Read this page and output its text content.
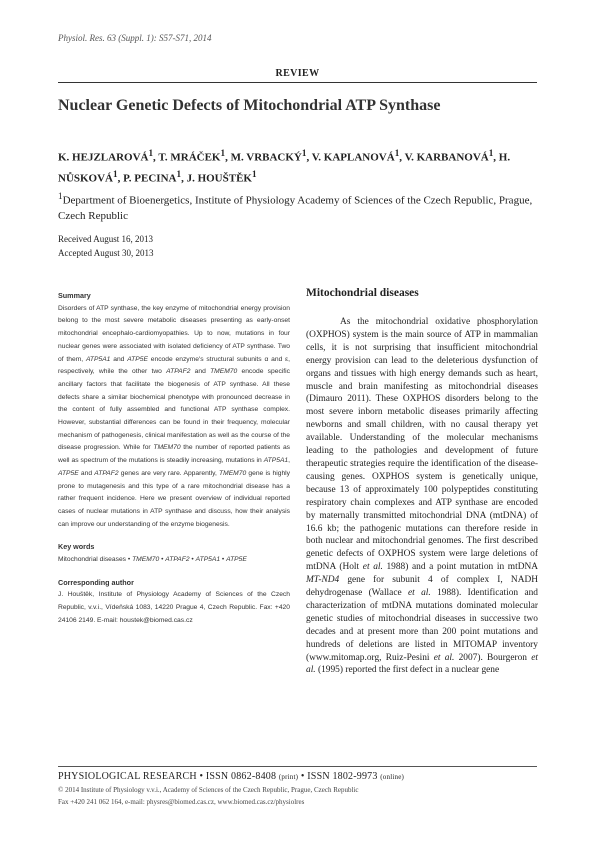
Physiol. Res. 63 (Suppl. 1): S57-S71, 2014
REVIEW
Nuclear Genetic Defects of Mitochondrial ATP Synthase
K. HEJZLAROVÁ$^1$, T. MRÁČEK$^1$, M. VRBACKÝ$^1$, V. KAPLANOVÁ$^1$, V. KARBANOVÁ$^1$, H. NŮSKOVÁ$^1$, P. PECINA$^1$, J. HOUŠTĚK$^1$
$^1$Department of Bioenergetics, Institute of Physiology Academy of Sciences of the Czech Republic, Prague, Czech Republic
Received August 16, 2013
Accepted August 30, 2013
Summary

Disorders of ATP synthase, the key enzyme of mitochondrial energy provision belong to the most severe metabolic diseases presenting as early-onset mitochondrial encephalo-cardiomyopathies. Up to now, mutations in four nuclear genes were associated with isolated deficiency of ATP synthase. Two of them, ATP5A1 and ATP5E encode enzyme's structural subunits α and ε, respectively, while the other two ATPAF2 and TMEM70 encode specific ancillary factors that facilitate the biogenesis of ATP synthase. All these defects share a similar biochemical phenotype with pronounced decrease in the content of fully assembled and functional ATP synthase complex. However, substantial differences can be found in their frequency, molecular mechanism of pathogenesis, clinical manifestation as well as the course of the disease progression. While for TMEM70 the number of reported patients as well as spectrum of the mutations is steadily increasing, mutations in ATP5A1, ATP5E and ATPAF2 genes are very rare. Apparently, TMEM70 gene is highly prone to mutagenesis and this type of a rare mitochondrial disease has a rather frequent incidence. Here we present overview of individual reported cases of nuclear mutations in ATP synthase and discuss, how their analysis can improve our understanding of the enzyme biogenesis.

Key words
Mitochondrial diseases • TMEM70 • ATPAF2 • ATP5A1 • ATP5E
Corresponding author

J. Houštěk, Institute of Physiology Academy of Sciences of the Czech Republic, v.v.i., Vídeňská 1083, 14220 Prague 4, Czech Republic. Fax: +420 24106 2149. E-mail: houstek@biomed.cas.cz

Mitochondrial diseases

As the mitochondrial oxidative phosphorylation (OXPHOS) system is the main source of ATP in mammalian cells, it is not surprising that insufficient mitochondrial energy provision can lead to the deleterious dysfunction of organs and tissues with high energy demands such as heart, muscle and brain manifesting as mitochondrial diseases (Dimauro 2011). These OXPHOS disorders belong to the most severe inborn metabolic diseases primarily affecting newborns and small children, with no causal therapy yet available. Understanding of the molecular mechanisms leading to the pathologies and development of future therapeutic strategies require the identification of the disease-causing genes. OXPHOS system is genetically unique, because 13 of approximately 100 polypeptides constituting respiratory chain complexes and ATP synthase are encoded by maternally transmitted mitochondrial DNA (mtDNA) of 16.6 kb; the pathogenic mutations can therefore reside in both nuclear and mitochondrial genomes. The first described genetic defects of OXPHOS system were large deletions of mtDNA (Holt et al. 1988) and a point mutation in mtDNA MT-ND4 gene for subunit 4 of complex I, NADH dehydrogenase (Wallace et al. 1988). Identification and characterization of mtDNA mutations dominated molecular genetic studies of mitochondrial diseases in successive two decades and at present more than 200 point mutations and hundreds of deletions are listed in MITOMAP inventory (www.mitomap.org, Ruiz-Pesini et al. 2007). Bourgeron et al. (1995) reported the first defect in a nuclear gene

PHYSIOLOGICAL RESEARCH • ISSN 0862-8408 (print) • ISSN 1802-9973 (online)
© 2014 Institute of Physiology v.v.i., Academy of Sciences of the Czech Republic, Prague, Czech Republic
Fax +420 241 062 164, e-mail: physres@biomed.cas.cz, www.biomed.cas.cz/physiolres
